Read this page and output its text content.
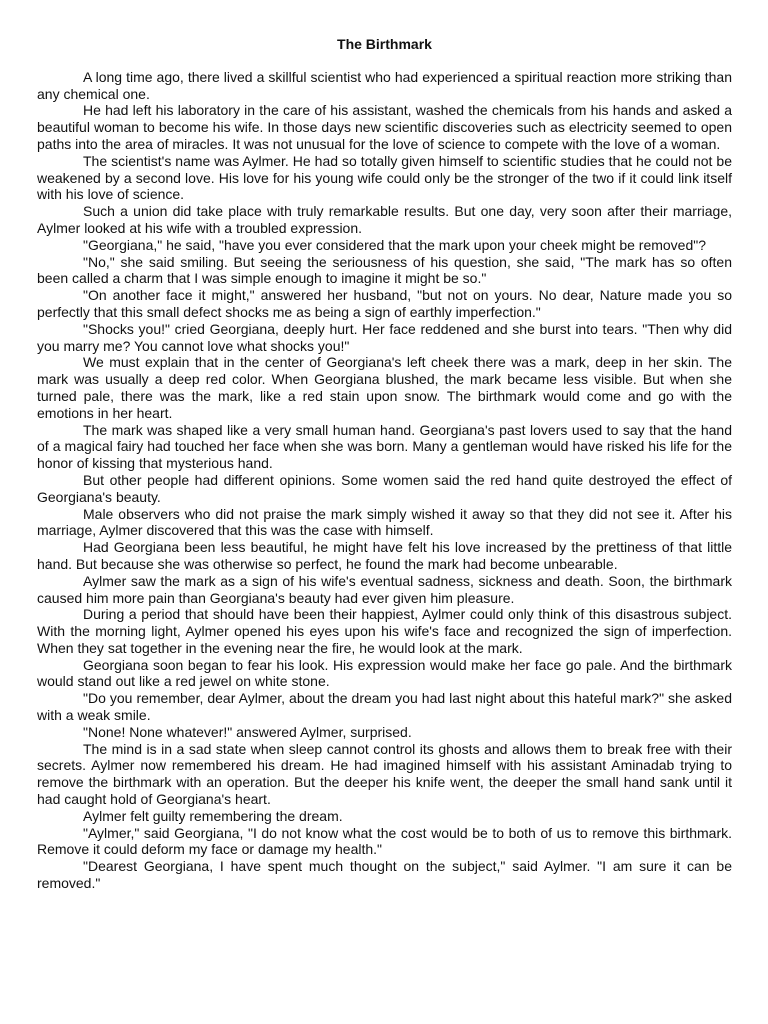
The Birthmark

A long time ago, there lived a skillful scientist who had experienced a spiritual reaction more striking than any chemical one.

He had left his laboratory in the care of his assistant, washed the chemicals from his hands and asked a beautiful woman to become his wife. In those days new scientific discoveries such as electricity seemed to open paths into the area of miracles. It was not unusual for the love of science to compete with the love of a woman.

The scientist's name was Aylmer. He had so totally given himself to scientific studies that he could not be weakened by a second love. His love for his young wife could only be the stronger of the two if it could link itself with his love of science.

Such a union did take place with truly remarkable results. But one day, very soon after their marriage, Aylmer looked at his wife with a troubled expression.

"Georgiana," he said, "have you ever considered that the mark upon your cheek might be removed"?

"No," she said smiling. But seeing the seriousness of his question, she said, "The mark has so often been called a charm that I was simple enough to imagine it might be so."

"On another face it might," answered her husband, "but not on yours. No dear, Nature made you so perfectly that this small defect shocks me as being a sign of earthly imperfection."

"Shocks you!" cried Georgiana, deeply hurt. Her face reddened and she burst into tears. "Then why did you marry me? You cannot love what shocks you!"

We must explain that in the center of Georgiana's left cheek there was a mark, deep in her skin. The mark was usually a deep red color. When Georgiana blushed, the mark became less visible. But when she turned pale, there was the mark, like a red stain upon snow. The birthmark would come and go with the emotions in her heart.

The mark was shaped like a very small human hand. Georgiana's past lovers used to say that the hand of a magical fairy had touched her face when she was born. Many a gentleman would have risked his life for the honor of kissing that mysterious hand.

But other people had different opinions. Some women said the red hand quite destroyed the effect of Georgiana's beauty.

Male observers who did not praise the mark simply wished it away so that they did not see it. After his marriage, Aylmer discovered that this was the case with himself.

Had Georgiana been less beautiful, he might have felt his love increased by the prettiness of that little hand. But because she was otherwise so perfect, he found the mark had become unbearable.

Aylmer saw the mark as a sign of his wife's eventual sadness, sickness and death. Soon, the birthmark caused him more pain than Georgiana's beauty had ever given him pleasure.

During a period that should have been their happiest, Aylmer could only think of this disastrous subject. With the morning light, Aylmer opened his eyes upon his wife's face and recognized the sign of imperfection. When they sat together in the evening near the fire, he would look at the mark.

Georgiana soon began to fear his look. His expression would make her face go pale. And the birthmark would stand out like a red jewel on white stone.

"Do you remember, dear Aylmer, about the dream you had last night about this hateful mark?" she asked with a weak smile.

"None! None whatever!" answered Aylmer, surprised.

The mind is in a sad state when sleep cannot control its ghosts and allows them to break free with their secrets. Aylmer now remembered his dream. He had imagined himself with his assistant Aminadab trying to remove the birthmark with an operation. But the deeper his knife went, the deeper the small hand sank until it had caught hold of Georgiana's heart.

Aylmer felt guilty remembering the dream.

"Aylmer," said Georgiana, "I do not know what the cost would be to both of us to remove this birthmark. Remove it could deform my face or damage my health."

"Dearest Georgiana, I have spent much thought on the subject," said Aylmer. "I am sure it can be removed."
